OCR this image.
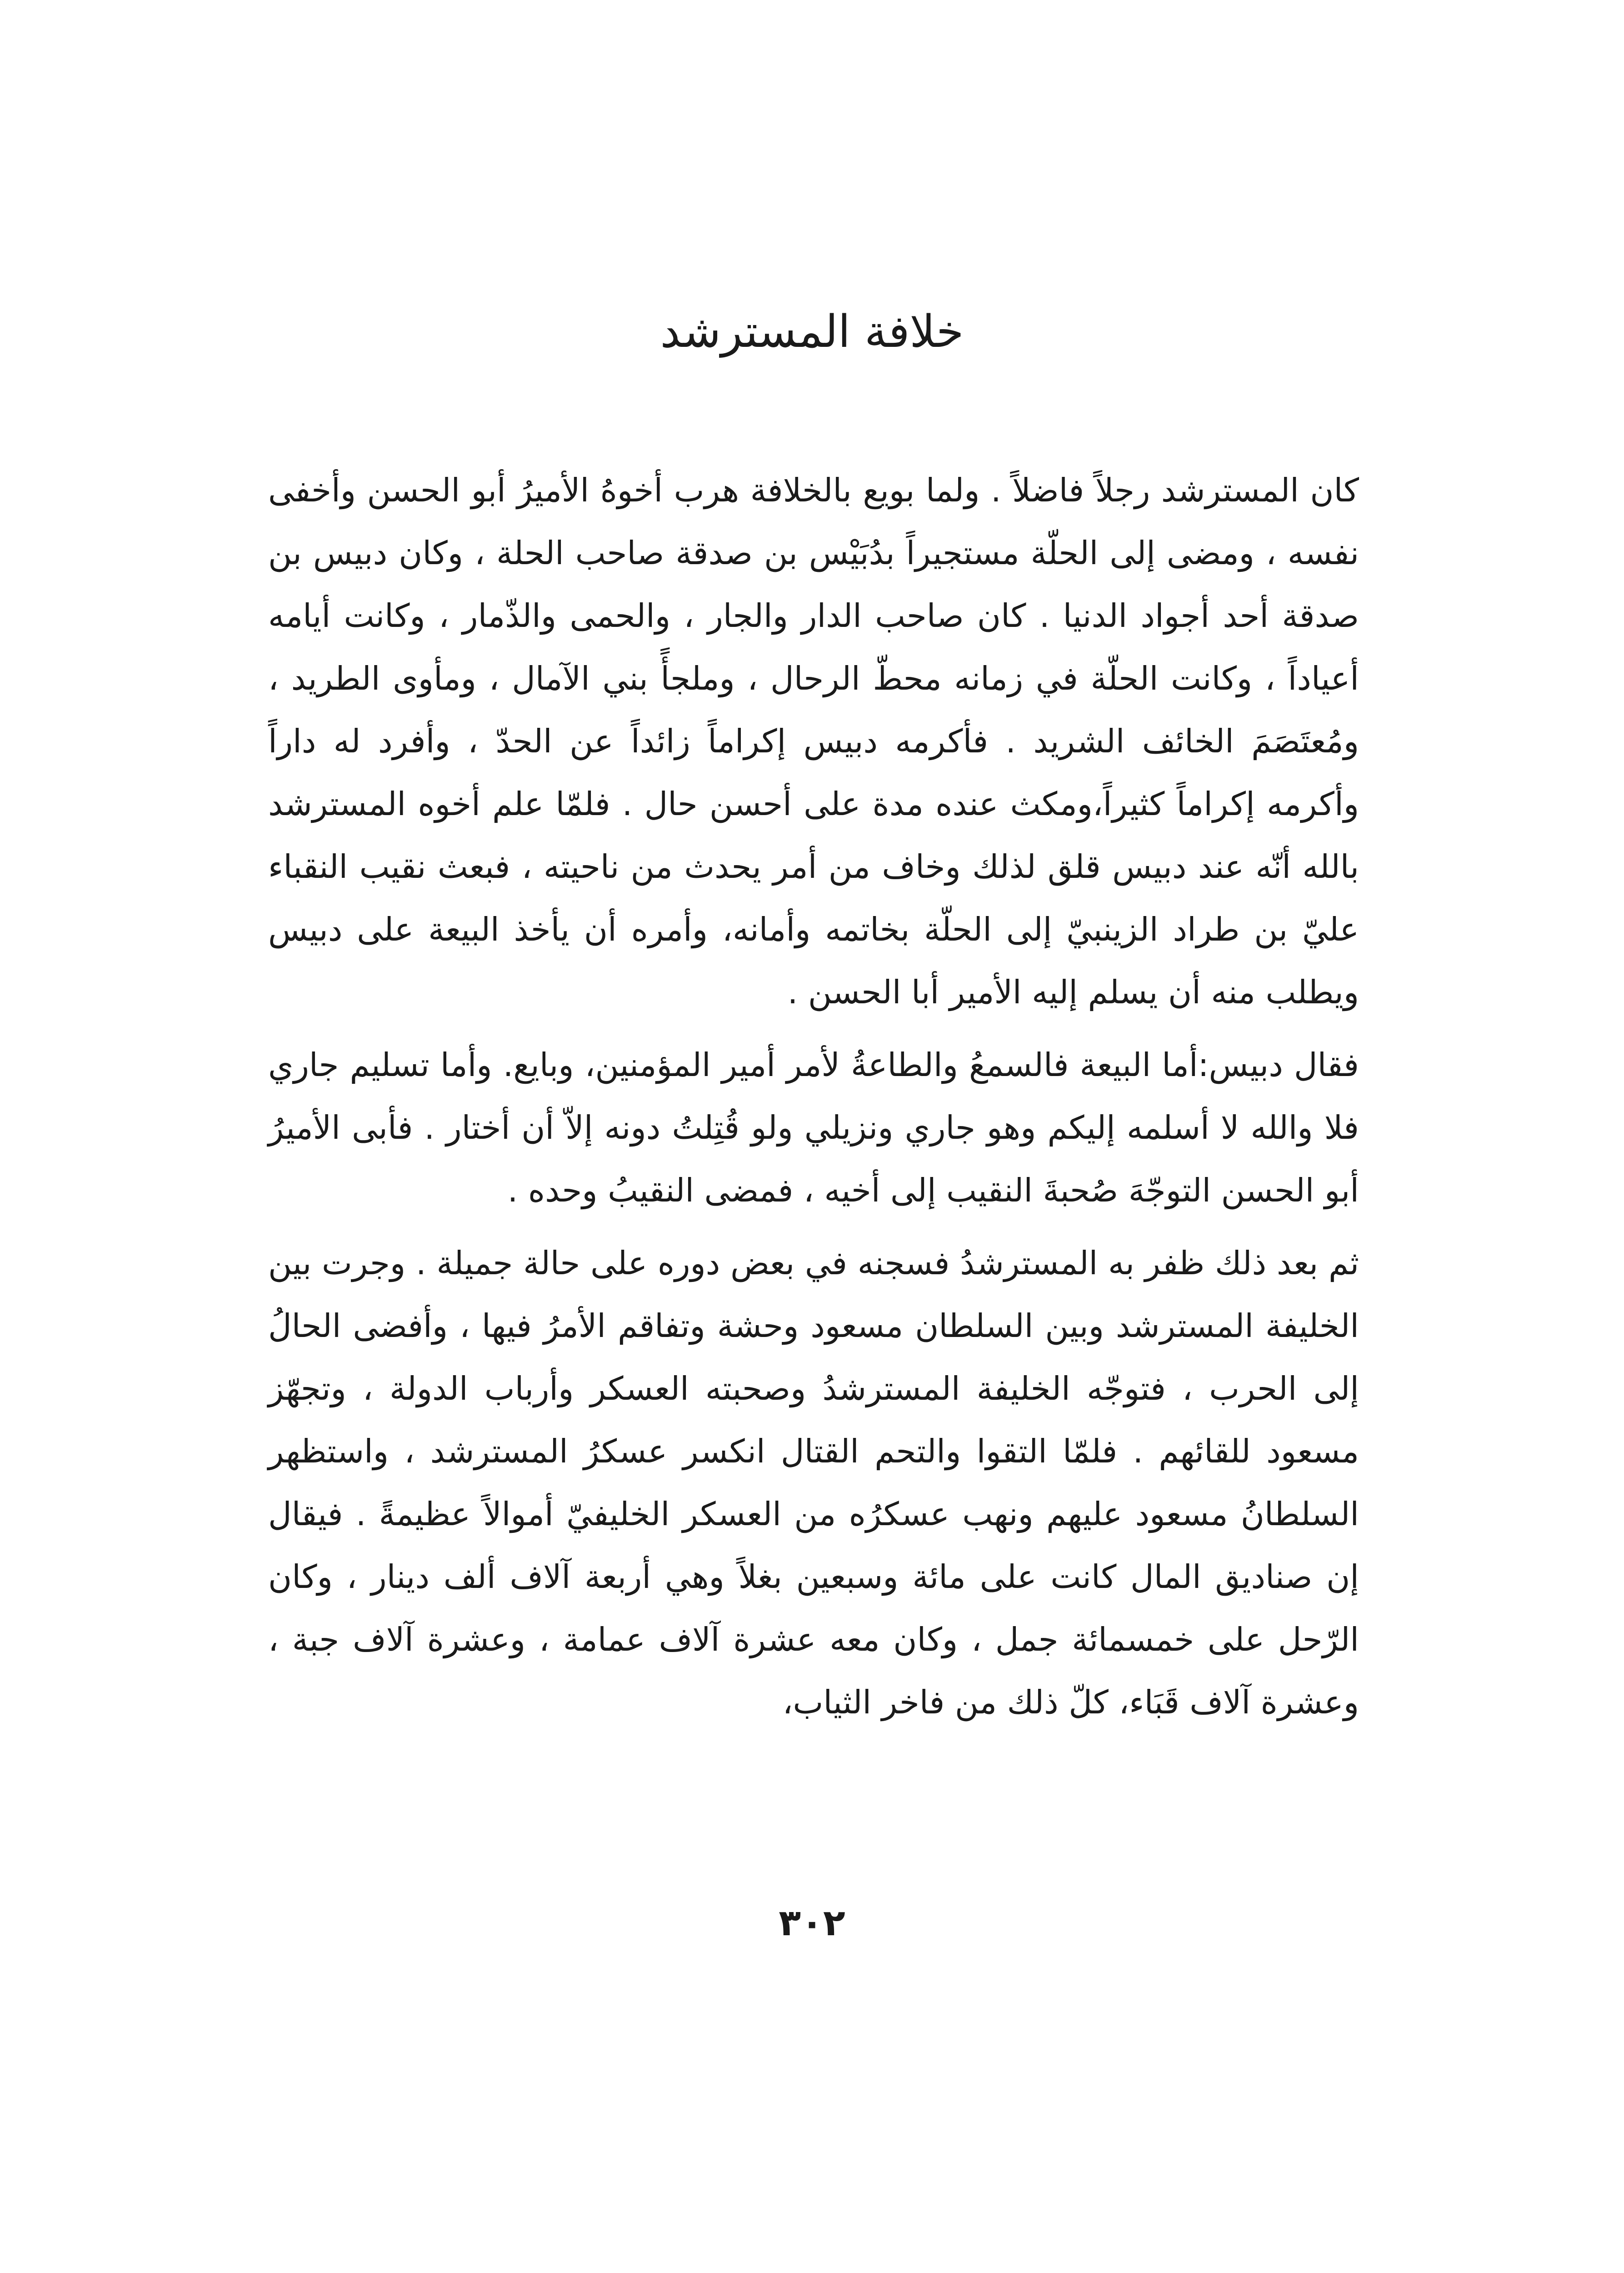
خلافة المسترشد

كان المسترشد رجلاً فاضلاً . ولما بويع بالخلافة هرب أخوهُ الأميرُ أبو الحسن وأخفى نفسه ، ومضى إلى الحلّة مستجيراً بدُبَيْس بن صدقة صاحب الحلة ، وكان دبيس بن صدقة أحد أجواد الدنيا . كان صاحب الدار والجار ، والحمى والذّمار ، وكانت أيامه أعياداً ، وكانت الحلّة في زمانه محطّ الرحال ، وملجأً بني الآمال ، ومأوى الطريد ، ومُعتَصَمَ الخائف الشريد . فأكرمه دبيس إكراماً زائداً عن الحدّ ، وأفرد له داراً وأكرمه إكراماً كثيراً،ومكث عنده مدة على أحسن حال . فلمّا علم أخوه المسترشد بالله أنّه عند دبيس قلق لذلك وخاف من أمر يحدث من ناحيته ، فبعث نقيب النقباء عليّ بن طراد الزينبيّ إلى الحلّة بخاتمه وأمانه، وأمره أن يأخذ البيعة على دبيس ويطلب منه أن يسلم إليه الأمير أبا الحسن .

فقال دبيس:أما البيعة فالسمعُ والطاعةُ لأمر أمير المؤمنين، وبايع. وأما تسليم جاري فلا والله لا أسلمه إليكم وهو جاري ونزيلي ولو قُتِلتُ دونه إلاّ أن أختار . فأبى الأميرُ أبو الحسن التوجّهَ صُحبةَ النقيب إلى أخيه ، فمضى النقيبُ وحده .

ثم بعد ذلك ظفر به المسترشدُ فسجنه في بعض دوره على حالة جميلة . وجرت بين الخليفة المسترشد وبين السلطان مسعود وحشة وتفاقم الأمرُ فيها ، وأفضى الحالُ إلى الحرب ، فتوجّه الخليفة المسترشدُ وصحبته العسكر وأرباب الدولة ، وتجهّز مسعود للقائهم . فلمّا التقوا والتحم القتال انكسر عسكرُ المسترشد ، واستظهر السلطانُ مسعود عليهم ونهب عسكرُه من العسكر الخليفيّ أموالاً عظيمةً . فيقال إن صناديق المال كانت على مائة وسبعين بغلاً وهي أربعة آلاف ألف دينار ، وكان الرّحل على خمسمائة جمل ، وكان معه عشرة آلاف عمامة ، وعشرة آلاف جبة ، وعشرة آلاف قَبَاء، كلّ ذلك من فاخر الثياب،

٣٠٢
